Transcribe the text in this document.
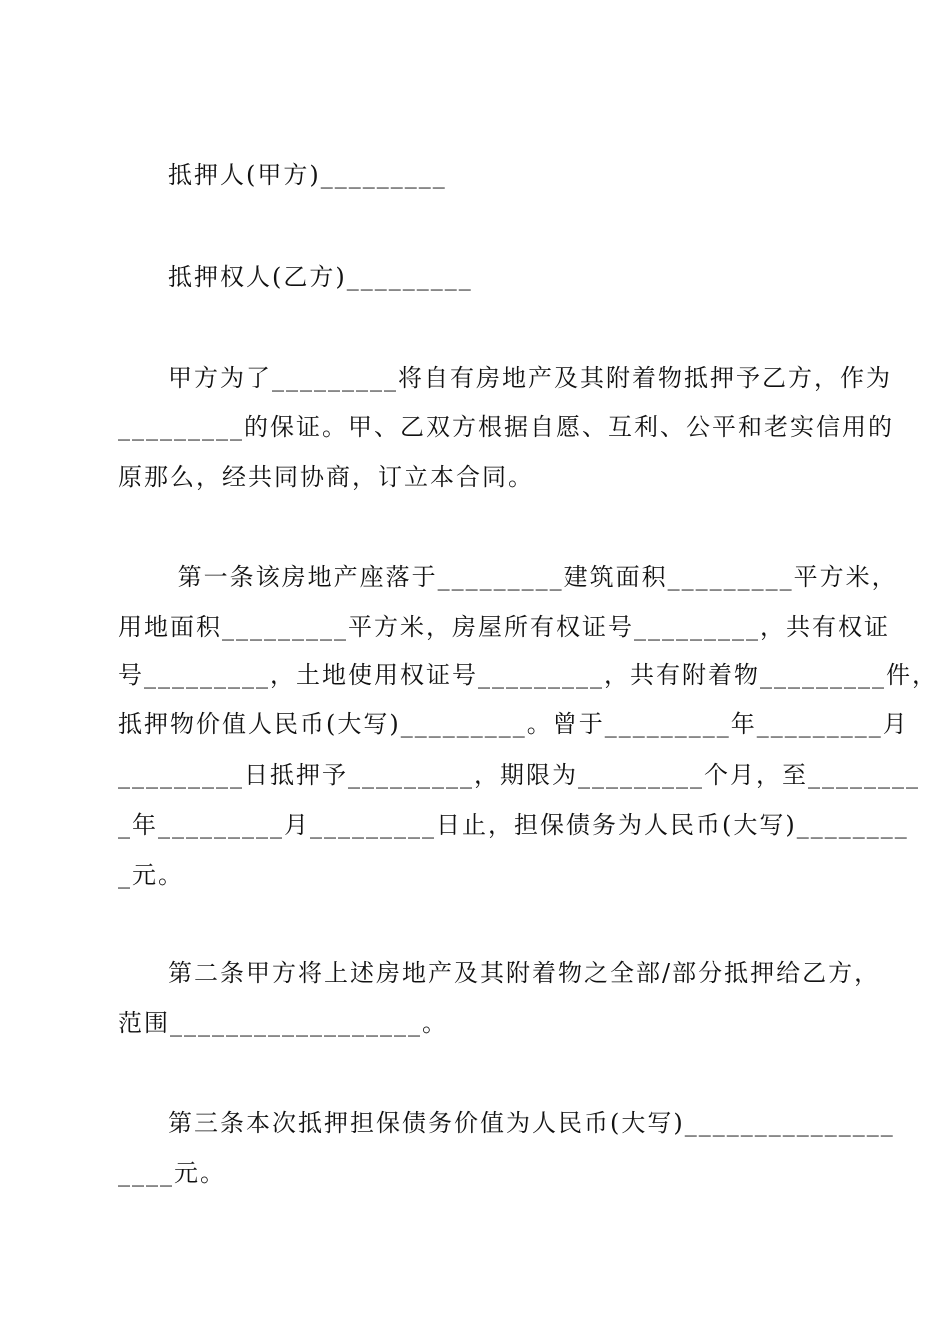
抵押人(甲方)_________
抵押权人(乙方)_________
甲方为了_________将自有房地产及其附着物抵押予乙方，作为
_________的保证。甲、乙双方根据自愿、互利、公平和老实信用的
原那么，经共同协商，订立本合同。
第一条该房地产座落于_________建筑面积_________平方米，
用地面积_________平方米，房屋所有权证号_________，共有权证
号_________，土地使用权证号_________，共有附着物_________件，
抵押物价值人民币(大写)_________。曾于_________年_________月
_________日抵押予_________，期限为_________个月，至________
_年_________月_________日止，担保债务为人民币(大写)________
_元。
第二条甲方将上述房地产及其附着物之全部/部分抵押给乙方，
范围__________________。
第三条本次抵押担保债务价值为人民币(大写)_______________
____元。
